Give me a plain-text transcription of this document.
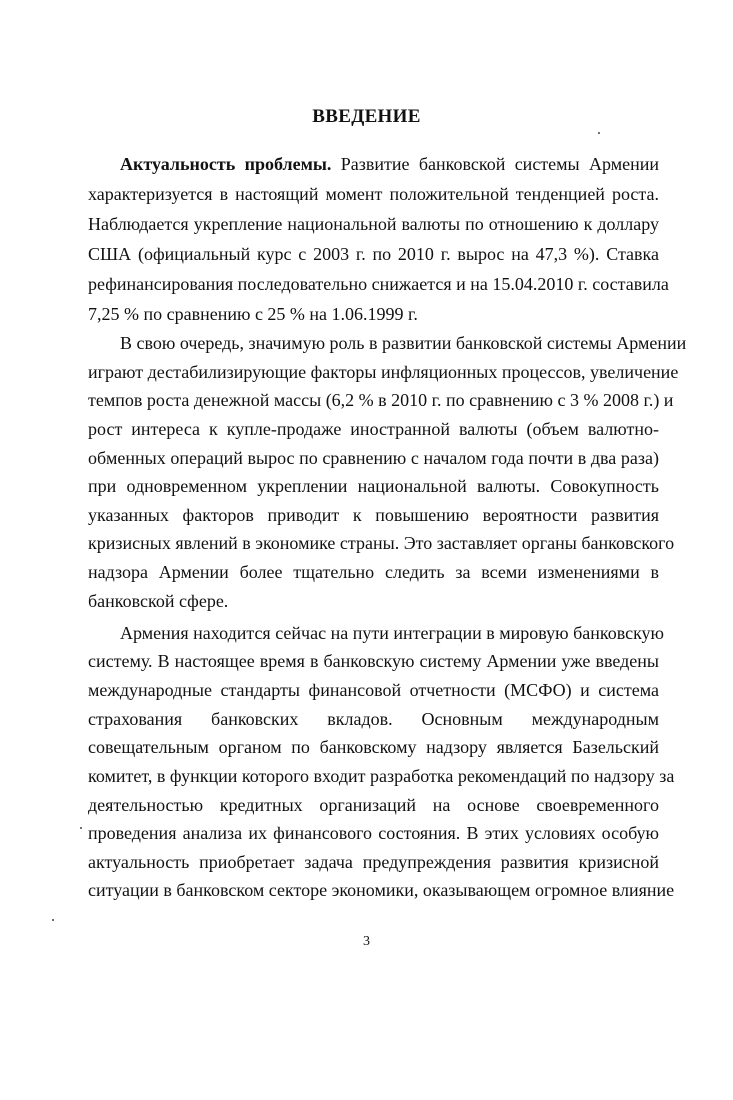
ВВЕДЕНИЕ
Актуальность проблемы. Развитие банковской системы Армении
характеризуется в настоящий момент положительной тенденцией роста.
Наблюдается укрепление национальной валюты по отношению к доллару
США (официальный курс с 2003 г. по 2010 г. вырос на 47,3 %). Ставка
рефинансирования последовательно снижается и на 15.04.2010 г. составила
7,25 % по сравнению с 25 % на 1.06.1999 г.
В свою очередь, значимую роль в развитии банковской системы Армении
играют дестабилизирующие факторы инфляционных процессов, увеличение
темпов роста денежной массы (6,2 % в 2010 г. по сравнению с 3 % 2008 г.) и
рост интереса к купле-продаже иностранной валюты (объем валютно-
обменных операций вырос по сравнению с началом года почти в два раза)
при одновременном укреплении национальной валюты. Совокупность
указанных факторов приводит к повышению вероятности развития
кризисных явлений в экономике страны. Это заставляет органы банковского
надзора Армении более тщательно следить за всеми изменениями в
банковской сфере.
Армения находится сейчас на пути интеграции в мировую банковскую
систему. В настоящее время в банковскую систему Армении уже введены
международные стандарты финансовой отчетности (МСФО) и система
страхования банковских вкладов. Основным международным
совещательным органом по банковскому надзору является Базельский
комитет, в функции которого входит разработка рекомендаций по надзору за
деятельностью кредитных организаций на основе своевременного
проведения анализа их финансового состояния. В этих условиях особую
актуальность приобретает задача предупреждения развития кризисной
ситуации в банковском секторе экономики, оказывающем огромное влияние
3
